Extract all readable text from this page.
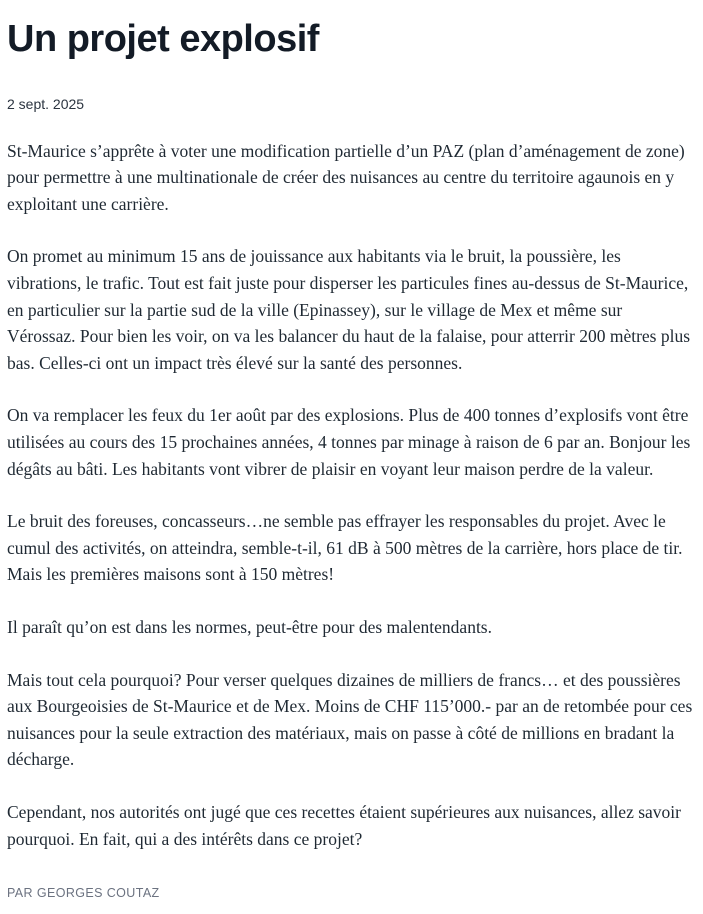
Un projet explosif
2 sept. 2025

St-Maurice s’apprête à voter une modification partielle d’un PAZ (plan d’aménagement de zone) pour permettre à une multinationale de créer des nuisances au centre du territoire agaunois en y exploitant une carrière.

On promet au minimum 15 ans de jouissance aux habitants via le bruit, la poussière, les vibrations, le trafic. Tout est fait juste pour disperser les particules fines au-dessus de St-Maurice, en particulier sur la partie sud de la ville (Epinassey), sur le village de Mex et même sur Vérossaz. Pour bien les voir, on va les balancer du haut de la falaise, pour atterrir 200 mètres plus bas. Celles-ci ont un impact très élevé sur la santé des personnes.

On va remplacer les feux du 1er août par des explosions. Plus de 400 tonnes d’explosifs vont être utilisées au cours des 15 prochaines années, 4 tonnes par minage à raison de 6 par an. Bonjour les dégâts au bâti. Les habitants vont vibrer de plaisir en voyant leur maison perdre de la valeur.

Le bruit des foreuses, concasseurs…ne semble pas effrayer les responsables du projet. Avec le cumul des activités, on atteindra, semble-t-il, 61 dB à 500 mètres de la carrière, hors place de tir. Mais les premières maisons sont à 150 mètres!

Il paraît qu’on est dans les normes, peut-être pour des malentendants.

Mais tout cela pourquoi? Pour verser quelques dizaines de milliers de francs… et des poussières aux Bourgeoisies de St-Maurice et de Mex. Moins de CHF 115’000.- par an de retombée pour ces nuisances pour la seule extraction des matériaux, mais on passe à côté de millions en bradant la décharge.

Cependant, nos autorités ont jugé que ces recettes étaient supérieures aux nuisances, allez savoir pourquoi. En fait, qui a des intérêts dans ce projet?

PAR GEORGES COUTAZ
